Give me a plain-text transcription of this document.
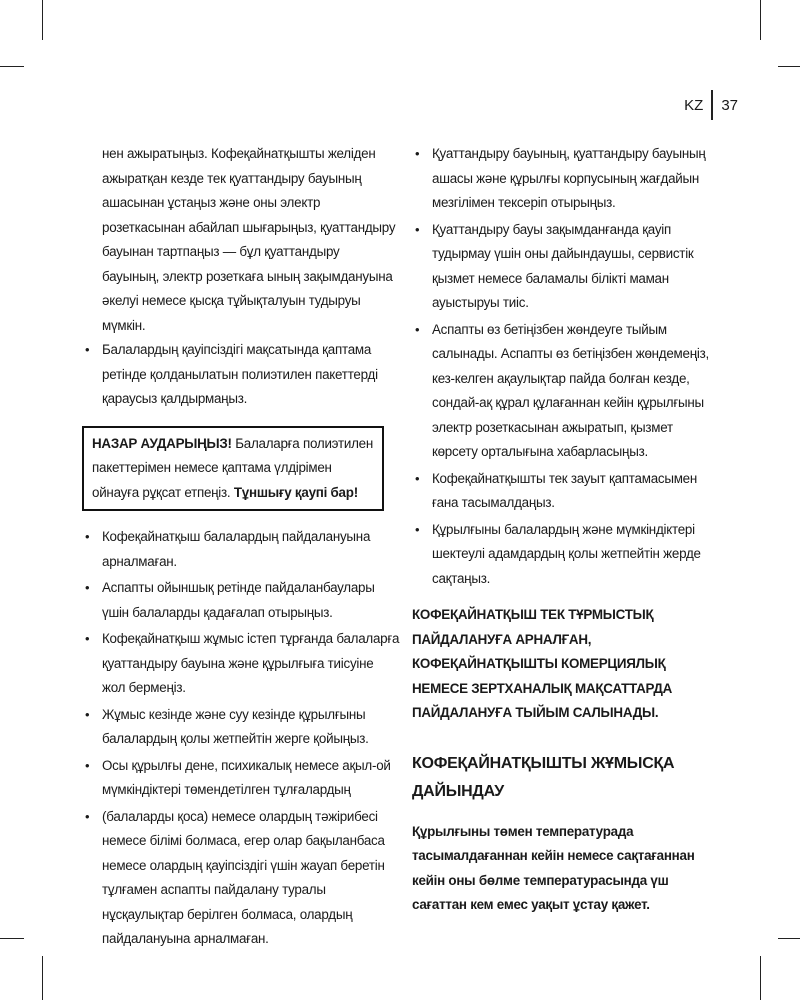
KZ	37

нен ажыратыңыз. Кофеқайнатқышты желіден ажыратқан кезде тек қуаттандыру бауының ашасынан ұстаңыз және оны электр розеткасынан абайлап шығарыңыз, қуаттандыру бауынан тартпаңыз — бұл қуаттандыру бауының, электр розеткаға ының зақымдануына әкелуі немесе қысқа тұйықталуын тудыруы мүмкін.

• Балалардың қауіпсіздігі мақсатында қаптама ретінде қолданылатын полиэтилен пакеттерді қараусыз қалдырмаңыз.
НАЗАР АУДАРЫҢЫЗ! Балаларға полиэтилен пакеттерімен немесе қаптама үлдірімен ойнауға рұқсат етпеңіз. Тұншығу қаупі бар!
• Кофеқайнатқыш балалардың пайдалануына арналмаған.
• Аспапты ойыншық ретінде пайдаланбаулары үшін балаларды қадағалап отырыңыз.
• Кофеқайнатқыш жұмыс істеп тұрғанда балаларға қуаттандыру бауына және құрылғыға тиісуіне жол бермеңіз.
• Жұмыс кезінде және суу кезінде құрылғыны балалардың қолы жетпейтін жерге қойыңыз.
• Осы құрылғы дене, психикалық немесе ақыл-ой мүмкіндіктері төмендетілген тұлғалардың
• (балаларды қоса) немесе олардың тәжірибесі немесе білімі болмаса, егер олар бақыланбаса немесе олардың қауіпсіздігі үшін жауап беретін тұлғамен аспапты пайдалану туралы нұсқаулықтар берілген болмаса, олардың пайдалануына арналмаған.
• Қуаттандыру бауының, қуаттандыру бауының ашасы және құрылғы корпусының жағдайын мезгілімен тексеріп отырыңыз.
• Қуаттандыру бауы зақымданғанда қауіп тудырмау үшін оны дайындаушы, сервистік қызмет немесе баламалы білікті маман ауыстыруы тиіс.
• Аспапты өз бетіңізбен жөндеуге тыйым салынады. Аспапты өз бетіңізбен жөндемеңіз, кез-келген ақаулықтар пайда болған кезде, сондай-ақ құрал құлағаннан кейін құрылғыны электр розеткасынан ажыратып, қызмет көрсету орталығына хабарласыңыз.
• Кофеқайнатқышты тек зауыт қаптамасымен ғана тасымалдаңыз.
• Құрылғыны балалардың және мүмкіндіктері шектеулі адамдардың қолы жетпейтін жерде сақтаңыз.

КОФЕҚАЙНАТҚЫШ ТЕК ТҰРМЫСТЫҚ ПАЙДАЛАНУҒА АРНАЛҒАН, КОФЕҚАЙНАТҚЫШТЫ КОМЕРЦИЯЛЫҚ НЕМЕСЕ ЗЕРТХАНАЛЫҚ МАҚСАТТАРДА ПАЙДАЛАНУҒА ТЫЙЫМ САЛЫНАДЫ.

КОФЕҚАЙНАТҚЫШТЫ ЖҰМЫСҚА ДАЙЫНДАУ

Құрылғыны төмен температурада тасымалдағаннан кейін немесе сақтағаннан кейін оны бөлме температурасында үш сағаттан кем емес уақыт ұстау қажет.
